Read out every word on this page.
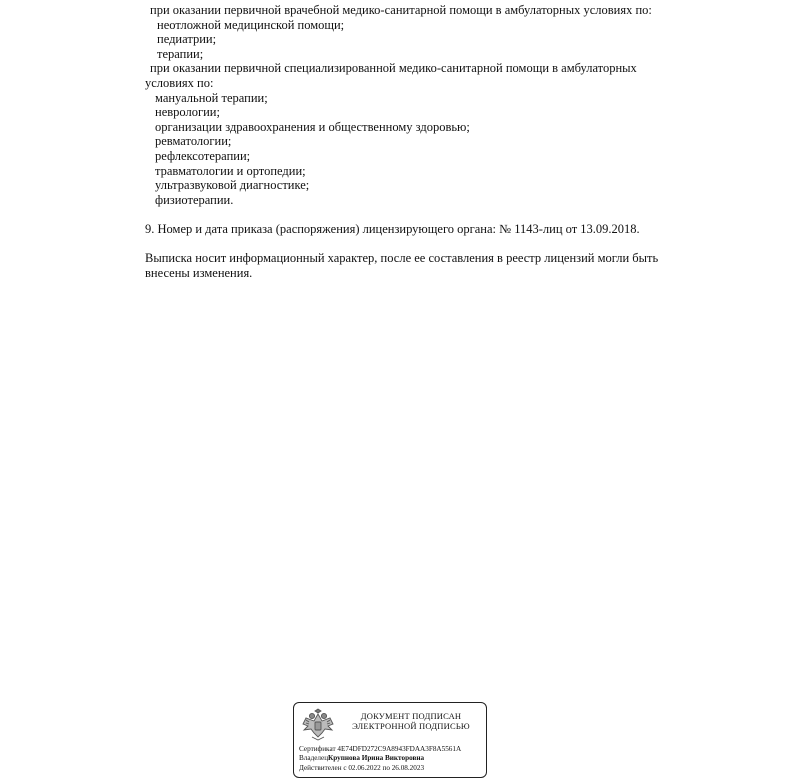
при оказании первичной врачебной медико-санитарной помощи в амбулаторных условиях по:
неотложной медицинской помощи;
педиатрии;
терапии;
при оказании первичной специализированной медико-санитарной помощи в амбулаторных
условиях по:
мануальной терапии;
неврологии;
организации здравоохранения и общественному здоровью;
ревматологии;
рефлексотерапии;
травматологии и ортопедии;
ультразвуковой диагностике;
физиотерапии.
9. Номер и дата приказа (распоряжения) лицензирующего органа: № 1143-лиц от 13.09.2018.
Выписка носит информационный характер, после ее составления в реестр лицензий могли быть
внесены изменения.
ДОКУМЕНТ ПОДПИСАН
ЭЛЕКТРОННОЙ ПОДПИСЬЮ
Сертификат 4E74DFD272C9A8943FDAA3F8A5561A
ВладелецКрупнова Ирина Викторовна
Действителен с 02.06.2022 по 26.08.2023
